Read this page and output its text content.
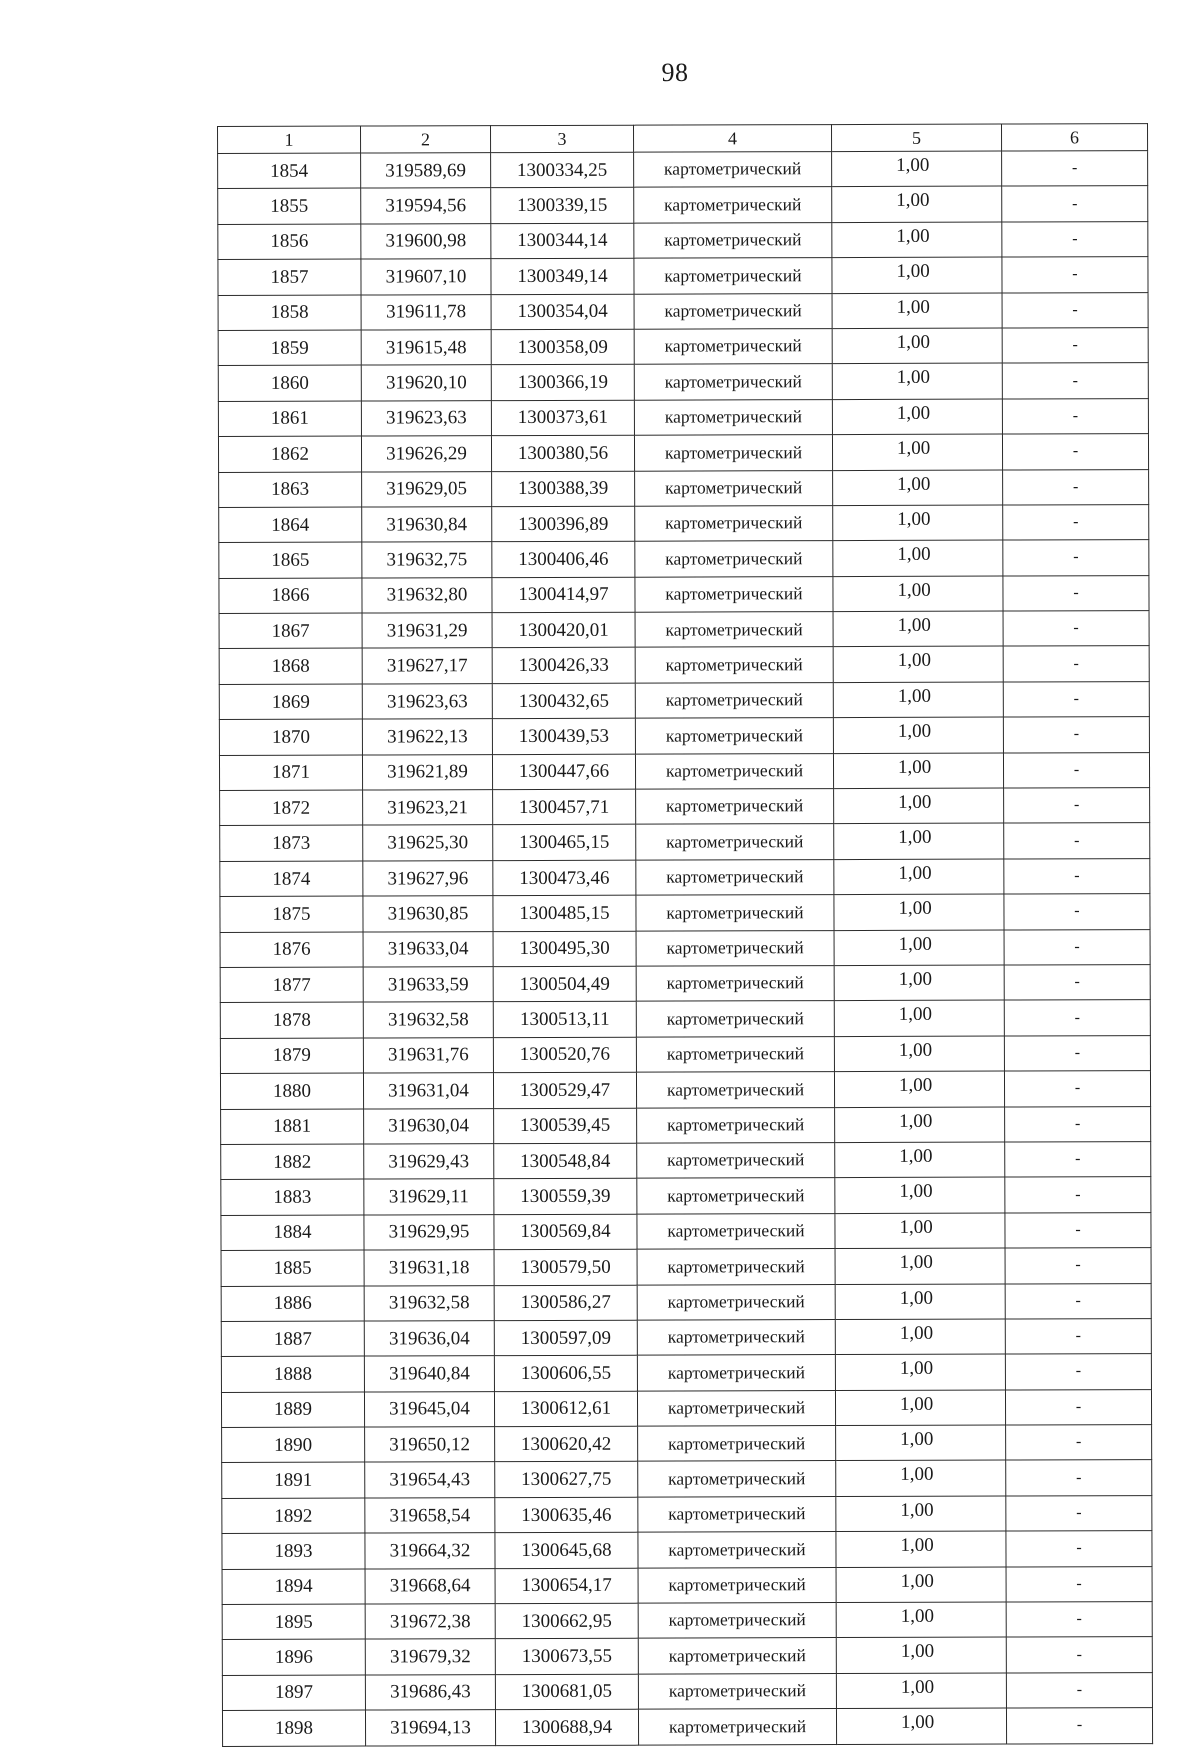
98
1	2	3	4	5	6
1854	319589,69	1300334,25	картометрический	1,00	-
1855	319594,56	1300339,15	картометрический	1,00	-
1856	319600,98	1300344,14	картометрический	1,00	-
1857	319607,10	1300349,14	картометрический	1,00	-
1858	319611,78	1300354,04	картометрический	1,00	-
1859	319615,48	1300358,09	картометрический	1,00	-
1860	319620,10	1300366,19	картометрический	1,00	-
1861	319623,63	1300373,61	картометрический	1,00	-
1862	319626,29	1300380,56	картометрический	1,00	-
1863	319629,05	1300388,39	картометрический	1,00	-
1864	319630,84	1300396,89	картометрический	1,00	-
1865	319632,75	1300406,46	картометрический	1,00	-
1866	319632,80	1300414,97	картометрический	1,00	-
1867	319631,29	1300420,01	картометрический	1,00	-
1868	319627,17	1300426,33	картометрический	1,00	-
1869	319623,63	1300432,65	картометрический	1,00	-
1870	319622,13	1300439,53	картометрический	1,00	-
1871	319621,89	1300447,66	картометрический	1,00	-
1872	319623,21	1300457,71	картометрический	1,00	-
1873	319625,30	1300465,15	картометрический	1,00	-
1874	319627,96	1300473,46	картометрический	1,00	-
1875	319630,85	1300485,15	картометрический	1,00	-
1876	319633,04	1300495,30	картометрический	1,00	-
1877	319633,59	1300504,49	картометрический	1,00	-
1878	319632,58	1300513,11	картометрический	1,00	-
1879	319631,76	1300520,76	картометрический	1,00	-
1880	319631,04	1300529,47	картометрический	1,00	-
1881	319630,04	1300539,45	картометрический	1,00	-
1882	319629,43	1300548,84	картометрический	1,00	-
1883	319629,11	1300559,39	картометрический	1,00	-
1884	319629,95	1300569,84	картометрический	1,00	-
1885	319631,18	1300579,50	картометрический	1,00	-
1886	319632,58	1300586,27	картометрический	1,00	-
1887	319636,04	1300597,09	картометрический	1,00	-
1888	319640,84	1300606,55	картометрический	1,00	-
1889	319645,04	1300612,61	картометрический	1,00	-
1890	319650,12	1300620,42	картометрический	1,00	-
1891	319654,43	1300627,75	картометрический	1,00	-
1892	319658,54	1300635,46	картометрический	1,00	-
1893	319664,32	1300645,68	картометрический	1,00	-
1894	319668,64	1300654,17	картометрический	1,00	-
1895	319672,38	1300662,95	картометрический	1,00	-
1896	319679,32	1300673,55	картометрический	1,00	-
1897	319686,43	1300681,05	картометрический	1,00	-
1898	319694,13	1300688,94	картометрический	1,00	-
